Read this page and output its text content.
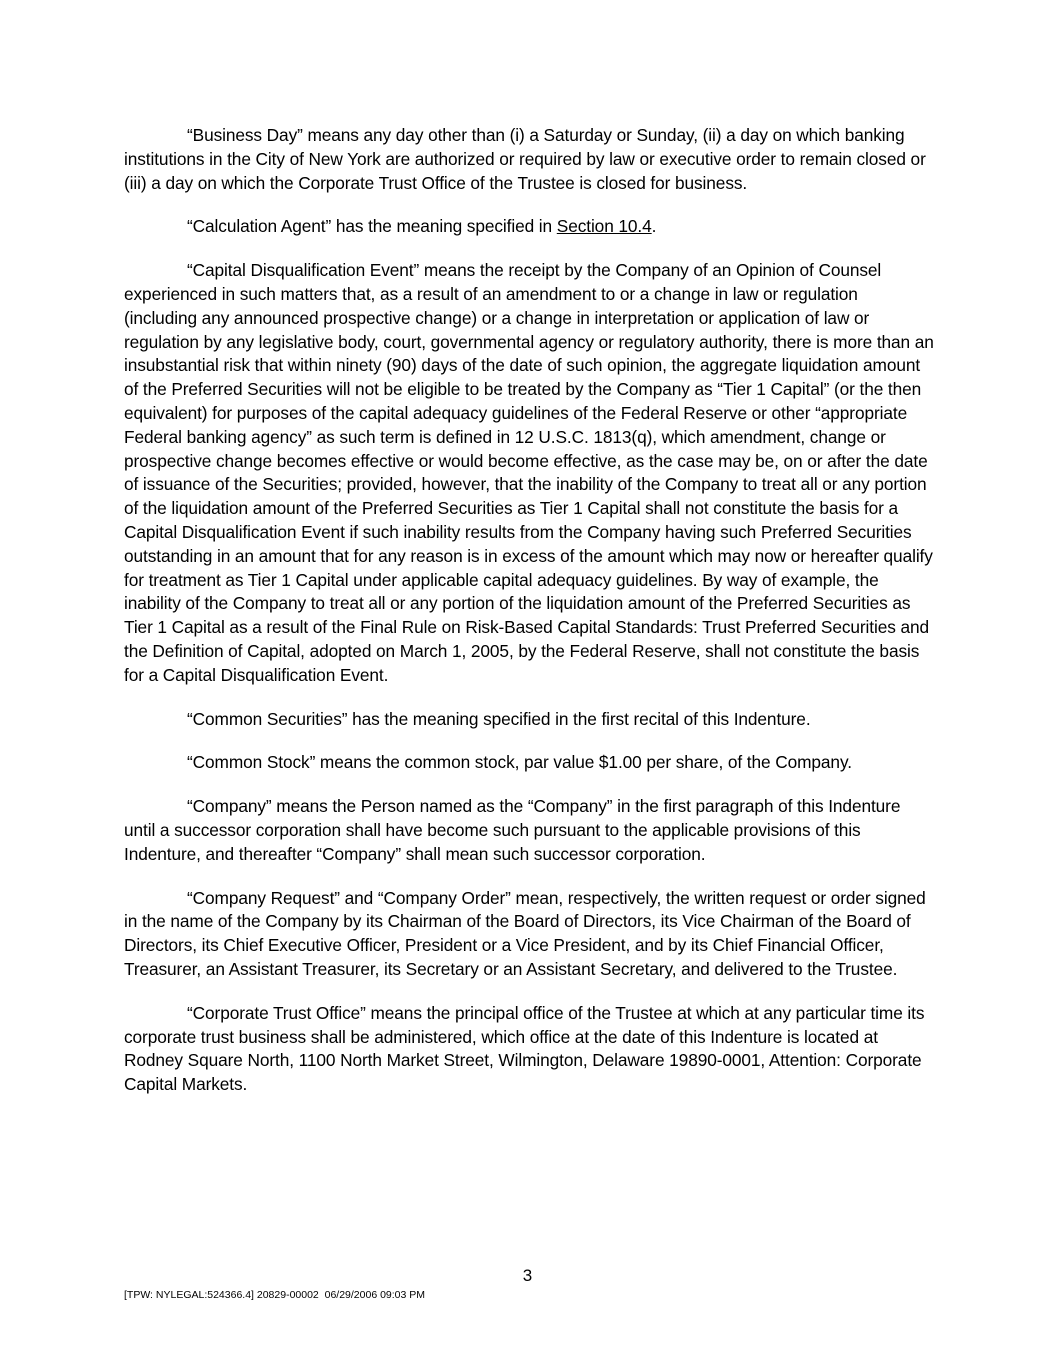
“Business Day” means any day other than (i) a Saturday or Sunday, (ii) a day on which banking institutions in the City of New York are authorized or required by law or executive order to remain closed or (iii) a day on which the Corporate Trust Office of the Trustee is closed for business.

“Calculation Agent” has the meaning specified in Section 10.4.

“Capital Disqualification Event” means the receipt by the Company of an Opinion of Counsel experienced in such matters that, as a result of an amendment to or a change in law or regulation (including any announced prospective change) or a change in interpretation or application of law or regulation by any legislative body, court, governmental agency or regulatory authority, there is more than an insubstantial risk that within ninety (90) days of the date of such opinion, the aggregate liquidation amount of the Preferred Securities will not be eligible to be treated by the Company as “Tier 1 Capital” (or the then equivalent) for purposes of the capital adequacy guidelines of the Federal Reserve or other “appropriate Federal banking agency” as such term is defined in 12 U.S.C. 1813(q), which amendment, change or prospective change becomes effective or would become effective, as the case may be, on or after the date of issuance of the Securities; provided, however, that the inability of the Company to treat all or any portion of the liquidation amount of the Preferred Securities as Tier 1 Capital shall not constitute the basis for a Capital Disqualification Event if such inability results from the Company having such Preferred Securities outstanding in an amount that for any reason is in excess of the amount which may now or hereafter qualify for treatment as Tier 1 Capital under applicable capital adequacy guidelines. By way of example, the inability of the Company to treat all or any portion of the liquidation amount of the Preferred Securities as Tier 1 Capital as a result of the Final Rule on Risk-Based Capital Standards: Trust Preferred Securities and the Definition of Capital, adopted on March 1, 2005, by the Federal Reserve, shall not constitute the basis for a Capital Disqualification Event.

“Common Securities” has the meaning specified in the first recital of this Indenture.

“Common Stock” means the common stock, par value $1.00 per share, of the Company.

“Company” means the Person named as the “Company” in the first paragraph of this Indenture until a successor corporation shall have become such pursuant to the applicable provisions of this Indenture, and thereafter “Company” shall mean such successor corporation.

“Company Request” and “Company Order” mean, respectively, the written request or order signed in the name of the Company by its Chairman of the Board of Directors, its Vice Chairman of the Board of Directors, its Chief Executive Officer, President or a Vice President, and by its Chief Financial Officer, Treasurer, an Assistant Treasurer, its Secretary or an Assistant Secretary, and delivered to the Trustee.

“Corporate Trust Office” means the principal office of the Trustee at which at any particular time its corporate trust business shall be administered, which office at the date of this Indenture is located at Rodney Square North, 1100 North Market Street, Wilmington, Delaware 19890-0001, Attention: Corporate Capital Markets.

3
[TPW: NYLEGAL:524366.4] 20829-00002  06/29/2006 09:03 PM
